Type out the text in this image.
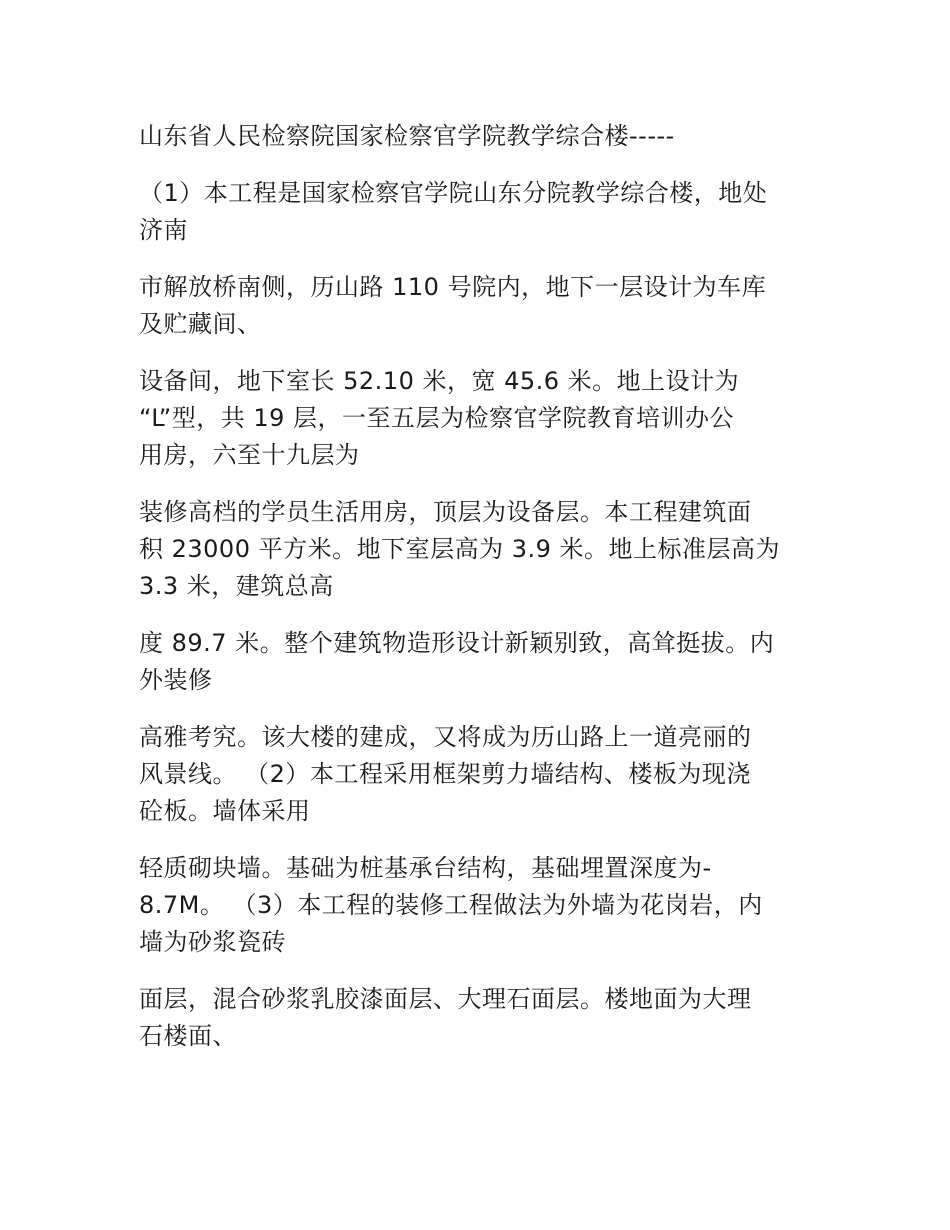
山东省人民检察院国家检察官学院教学综合楼-----

（1）本工程是国家检察官学院山东分院教学综合楼，地处
济南

市解放桥南侧，历山路 110 号院内，地下一层设计为车库
及贮藏间、

设备间，地下室长 52.10 米，宽 45.6 米。地上设计为
“L”型，共 19 层，一至五层为检察官学院教育培训办公
用房，六至十九层为

装修高档的学员生活用房，顶层为设备层。本工程建筑面
积 23000 平方米。地下室层高为 3.9 米。地上标准层高为
3.3 米，建筑总高

度 89.7 米。整个建筑物造形设计新颖别致，高耸挺拔。内
外装修

高雅考究。该大楼的建成，又将成为历山路上一道亮丽的
风景线。 （2）本工程采用框架剪力墙结构、楼板为现浇
砼板。墙体采用

轻质砌块墙。基础为桩基承台结构，基础埋置深度为-
8.7M。 （3）本工程的装修工程做法为外墙为花岗岩，内
墙为砂浆瓷砖

面层，混合砂浆乳胶漆面层、大理石面层。楼地面为大理
石楼面、
